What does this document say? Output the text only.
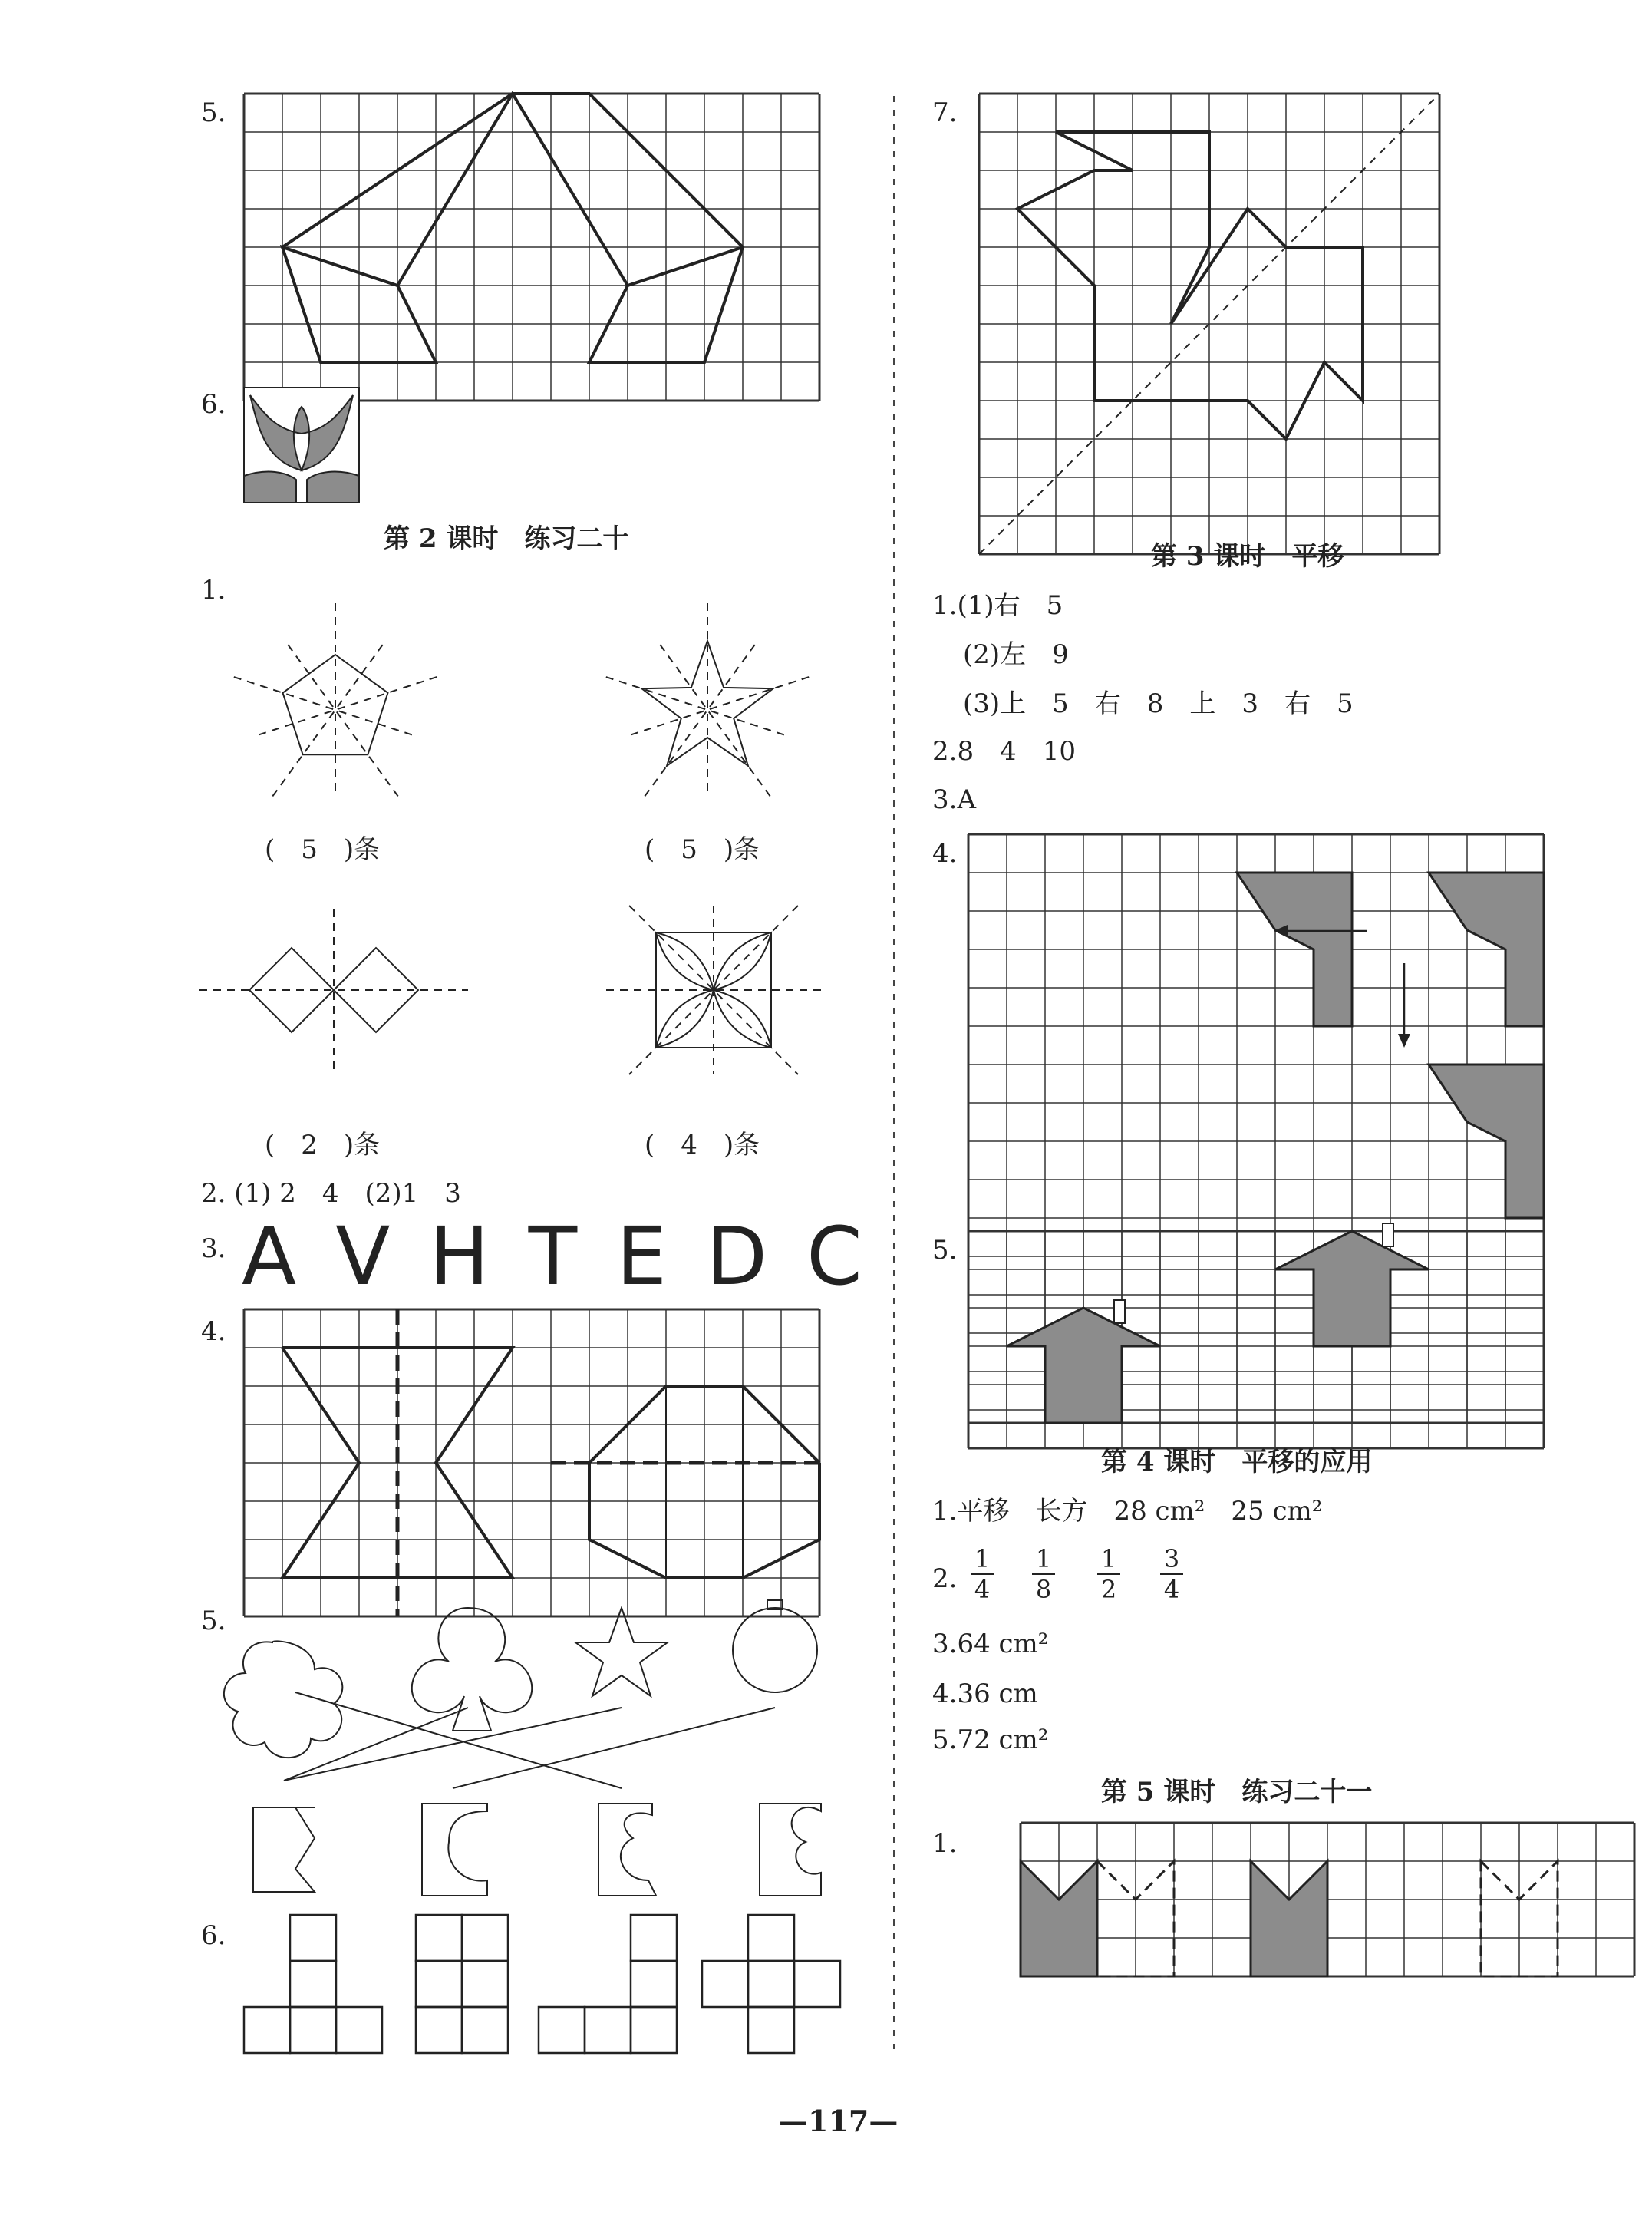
5.
6.
第 2 课时　练习二十
1.
(　5　)条	(　5　)条
(　2　)条	(　4　)条
2. (1) 2　4　(2)1　3
3. A V H T E D C
4.
5.
6.
7.
第 3 课时　平移
1.(1)右　5
(2)左　9
(3)上　5　右　8　上　3　右　5
2.8　4　10
3.A
4.
5.
第 4 课时　平移的应用
1.平移　长方　28 cm²　25 cm²
2.
1
4
1
8
1
2
3
4
3.64 cm²
4.36 cm
5.72 cm²
第 5 课时　练习二十一
1.
—117—
